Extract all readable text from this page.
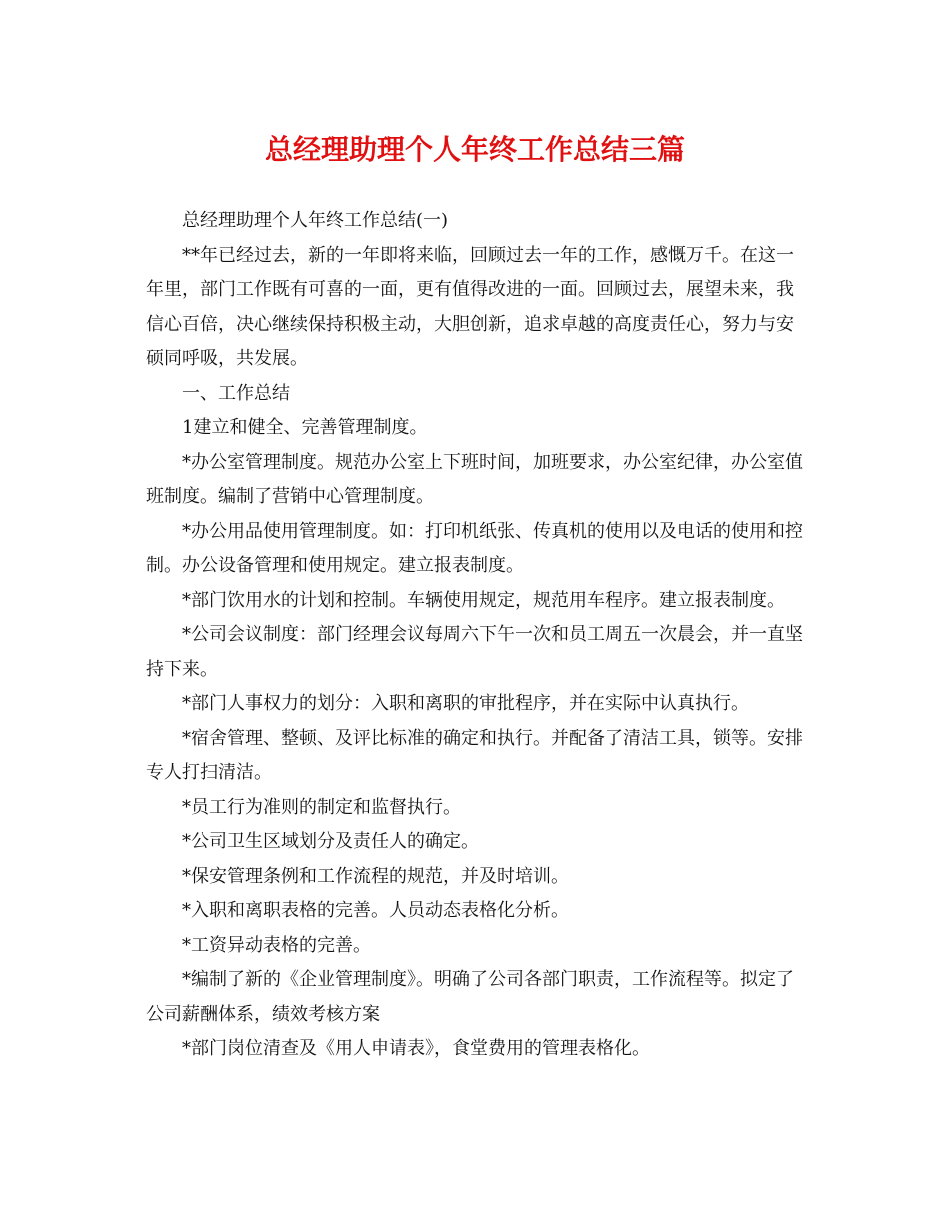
总经理助理个人年终工作总结三篇

总经理助理个人年终工作总结(一)

**年已经过去，新的一年即将来临，回顾过去一年的工作，感慨万千。在这一年里，部门工作既有可喜的一面，更有值得改进的一面。回顾过去，展望未来，我信心百倍，决心继续保持积极主动，大胆创新，追求卓越的高度责任心，努力与安硕同呼吸，共发展。

一、工作总结

1建立和健全、完善管理制度。

*办公室管理制度。规范办公室上下班时间，加班要求，办公室纪律，办公室值班制度。编制了营销中心管理制度。

*办公用品使用管理制度。如：打印机纸张、传真机的使用以及电话的使用和控制。办公设备管理和使用规定。建立报表制度。

*部门饮用水的计划和控制。车辆使用规定，规范用车程序。建立报表制度。

*公司会议制度：部门经理会议每周六下午一次和员工周五一次晨会，并一直坚持下来。

*部门人事权力的划分：入职和离职的审批程序，并在实际中认真执行。

*宿舍管理、整顿、及评比标准的确定和执行。并配备了清洁工具，锁等。安排专人打扫清洁。

*员工行为准则的制定和监督执行。

*公司卫生区域划分及责任人的确定。

*保安管理条例和工作流程的规范，并及时培训。

*入职和离职表格的完善。人员动态表格化分析。

*工资异动表格的完善。

*编制了新的《企业管理制度》。明确了公司各部门职责，工作流程等。拟定了公司薪酬体系，绩效考核方案

*部门岗位清查及《用人申请表》，食堂费用的管理表格化。
